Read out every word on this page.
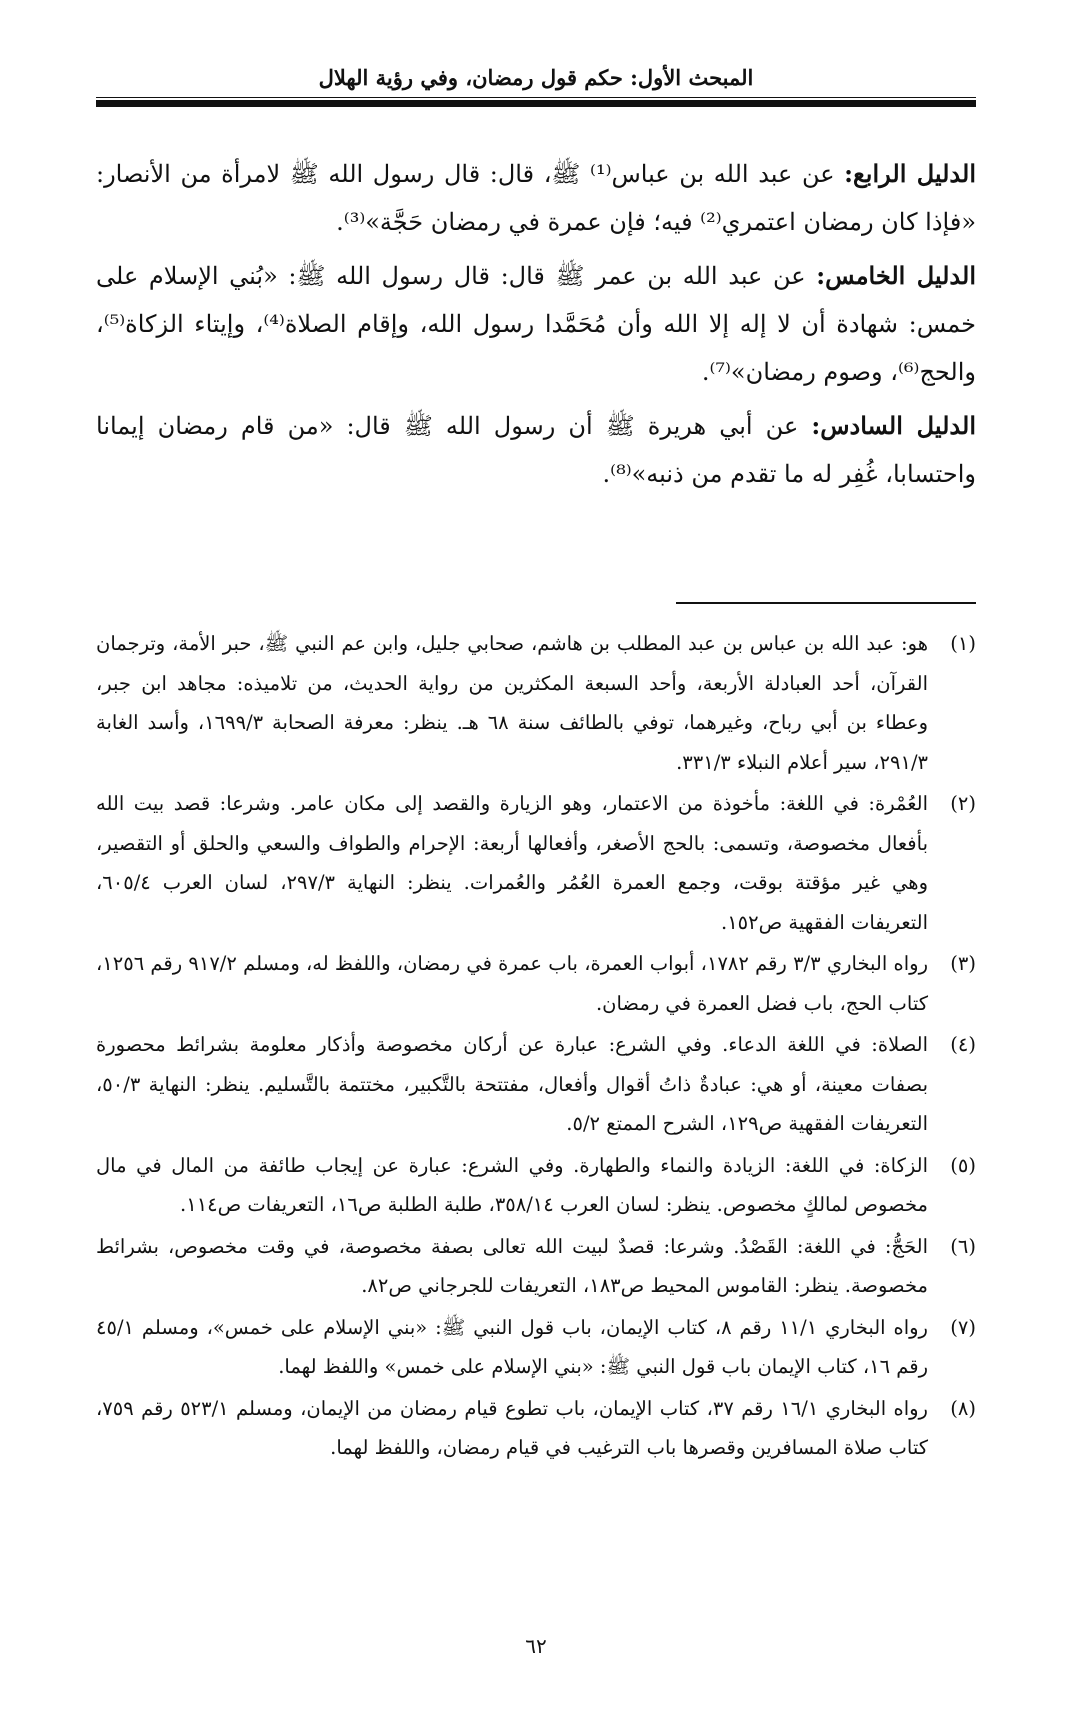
المبحث الأول: حكم قول رمضان، وفي رؤية الهلال

الدليل الرابع: عن عبد الله بن عباس⁽¹⁾ ﷺ، قال: قال رسول الله ﷺ لامرأة من الأنصار: «فإذا كان رمضان اعتمري⁽²⁾ فيه؛ فإن عمرة في رمضان حَجَّة»⁽³⁾.

الدليل الخامس: عن عبد الله بن عمر ﷺ قال: قال رسول الله ﷺ: «بُني الإسلام على خمس: شهادة أن لا إله إلا الله وأن مُحَمَّدا رسول الله، وإقام الصلاة⁽⁴⁾، وإيتاء الزكاة⁽⁵⁾، والحج⁽⁶⁾، وصوم رمضان»⁽⁷⁾.

الدليل السادس: عن أبي هريرة ﷺ أن رسول الله ﷺ قال: «من قام رمضان إيمانا واحتسابا، غُفِر له ما تقدم من ذنبه»⁽⁸⁾.

(١)
هو: عبد الله بن عباس بن عبد المطلب بن هاشم، صحابي جليل، وابن عم النبي ﷺ، حبر الأمة، وترجمان القرآن، أحد العبادلة الأربعة، وأحد السبعة المكثرين من رواية الحديث، من تلاميذه: مجاهد ابن جبر، وعطاء بن أبي رباح، وغيرهما، توفي بالطائف سنة ٦٨ هـ. ينظر: معرفة الصحابة ١٦٩٩/٣، وأسد الغابة ٢٩١/٣، سير أعلام النبلاء ٣٣١/٣.
(٢)
العُمْرة: في اللغة: مأخوذة من الاعتمار، وهو الزيارة والقصد إلى مكان عامر. وشرعا: قصد بيت الله بأفعال مخصوصة، وتسمى: بالحج الأصغر، وأفعالها أربعة: الإحرام والطواف والسعي والحلق أو التقصير، وهي غير مؤقتة بوقت، وجمع العمرة العُمُر والعُمرات. ينظر: النهاية ٢٩٧/٣، لسان العرب ٦٠٥/٤، التعريفات الفقهية ص١٥٢.
(٣)
رواه البخاري ٣/٣ رقم ١٧٨٢، أبواب العمرة، باب عمرة في رمضان، واللفظ له، ومسلم ٩١٧/٢ رقم ١٢٥٦، كتاب الحج، باب فضل العمرة في رمضان.
(٤)
الصلاة: في اللغة الدعاء. وفي الشرع: عبارة عن أركان مخصوصة وأذكار معلومة بشرائط محصورة بصفات معينة، أو هي: عبادةٌ ذاتُ أقوال وأفعال، مفتتحة بالتَّكبير، مختتمة بالتَّسليم. ينظر: النهاية ٥٠/٣، التعريفات الفقهية ص١٢٩، الشرح الممتع ٥/٢.
(٥)
الزكاة: في اللغة: الزيادة والنماء والطهارة. وفي الشرع: عبارة عن إيجاب طائفة من المال في مال مخصوص لمالكٍ مخصوص. ينظر: لسان العرب ٣٥٨/١٤، طلبة الطلبة ص١٦، التعريفات ص١١٤.
(٦)
الحَجُّ: في اللغة: القَصْدُ. وشرعا: قصدٌ لبيت الله تعالى بصفة مخصوصة، في وقت مخصوص، بشرائط مخصوصة. ينظر: القاموس المحيط ص١٨٣، التعريفات للجرجاني ص٨٢.
(٧)
رواه البخاري ١١/١ رقم ٨، كتاب الإيمان، باب قول النبي ﷺ: «بني الإسلام على خمس»، ومسلم ٤٥/١ رقم ١٦، كتاب الإيمان باب قول النبي ﷺ: «بني الإسلام على خمس» واللفظ لهما.
(٨)
رواه البخاري ١٦/١ رقم ٣٧، كتاب الإيمان، باب تطوع قيام رمضان من الإيمان، ومسلم ٥٢٣/١ رقم ٧٥٩، كتاب صلاة المسافرين وقصرها باب الترغيب في قيام رمضان، واللفظ لهما.
٦٢
